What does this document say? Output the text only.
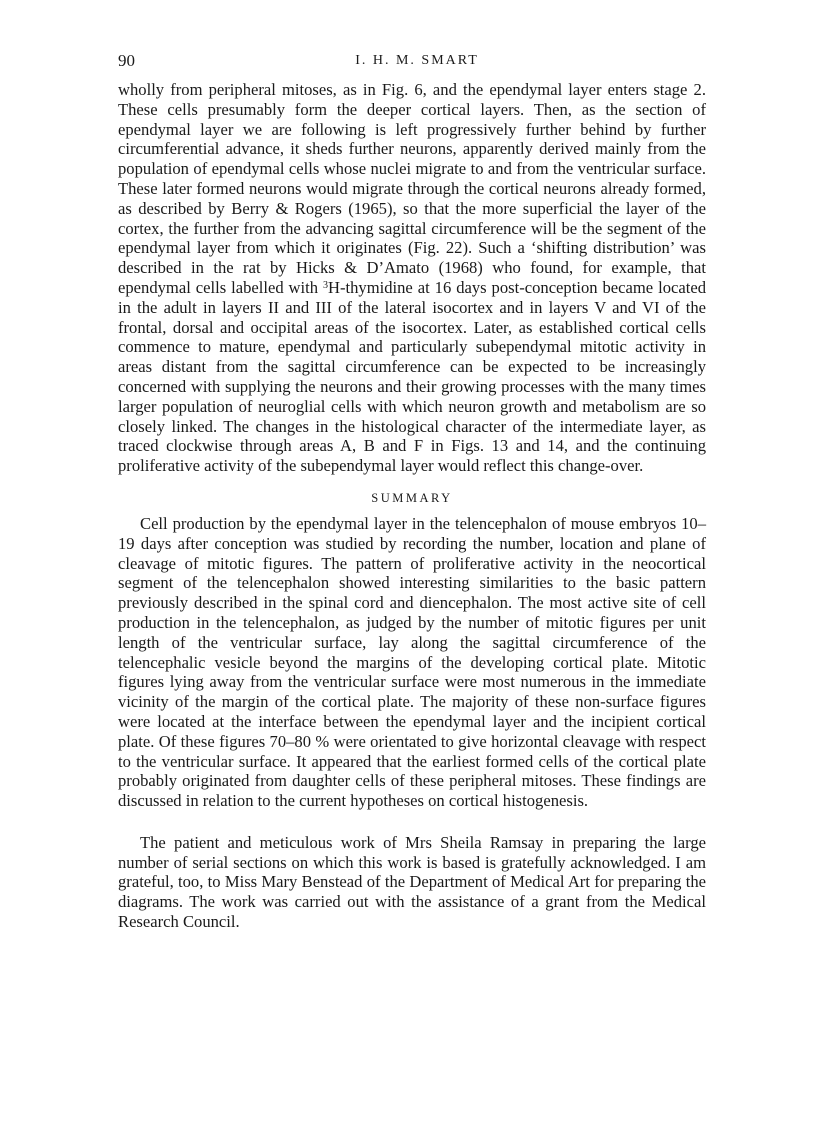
90	I. H. M. SMART

wholly from peripheral mitoses, as in Fig. 6, and the ependymal layer enters stage 2. These cells presumably form the deeper cortical layers. Then, as the section of ependymal layer we are following is left progressively further behind by further circumferential advance, it sheds further neurons, apparently derived mainly from the population of ependymal cells whose nuclei migrate to and from the ventricular surface. These later formed neurons would migrate through the cortical neurons already formed, as described by Berry & Rogers (1965), so that the more superficial the layer of the cortex, the further from the advancing sagittal circumference will be the segment of the ependymal layer from which it originates (Fig. 22). Such a ‘shifting distribution’ was described in the rat by Hicks & D’Amato (1968) who found, for example, that ependymal cells labelled with $^3$H-thymidine at 16 days post-conception became located in the adult in layers II and III of the lateral isocortex and in layers V and VI of the frontal, dorsal and occipital areas of the isocortex. Later, as established cortical cells commence to mature, ependymal and particularly subependymal mitotic activity in areas distant from the sagittal circumference can be expected to be increasingly concerned with supplying the neurons and their growing processes with the many times larger population of neuroglial cells with which neuron growth and metabolism are so closely linked. The changes in the histological character of the intermediate layer, as traced clockwise through areas A, B and F in Figs. 13 and 14, and the continuing proliferative activity of the subependymal layer would reflect this change-over.

SUMMARY

Cell production by the ependymal layer in the telencephalon of mouse embryos 10–19 days after conception was studied by recording the number, location and plane of cleavage of mitotic figures. The pattern of proliferative activity in the neocortical segment of the telencephalon showed interesting similarities to the basic pattern previously described in the spinal cord and diencephalon. The most active site of cell production in the telencephalon, as judged by the number of mitotic figures per unit length of the ventricular surface, lay along the sagittal circumference of the telencephalic vesicle beyond the margins of the developing cortical plate. Mitotic figures lying away from the ventricular surface were most numerous in the immediate vicinity of the margin of the cortical plate. The majority of these non-surface figures were located at the interface between the ependymal layer and the incipient cortical plate. Of these figures 70–80 % were orientated to give horizontal cleavage with respect to the ventricular surface. It appeared that the earliest formed cells of the cortical plate probably originated from daughter cells of these peripheral mitoses. These findings are discussed in relation to the current hypotheses on cortical histogenesis.

The patient and meticulous work of Mrs Sheila Ramsay in preparing the large number of serial sections on which this work is based is gratefully acknowledged. I am grateful, too, to Miss Mary Benstead of the Department of Medical Art for preparing the diagrams. The work was carried out with the assistance of a grant from the Medical Research Council.
